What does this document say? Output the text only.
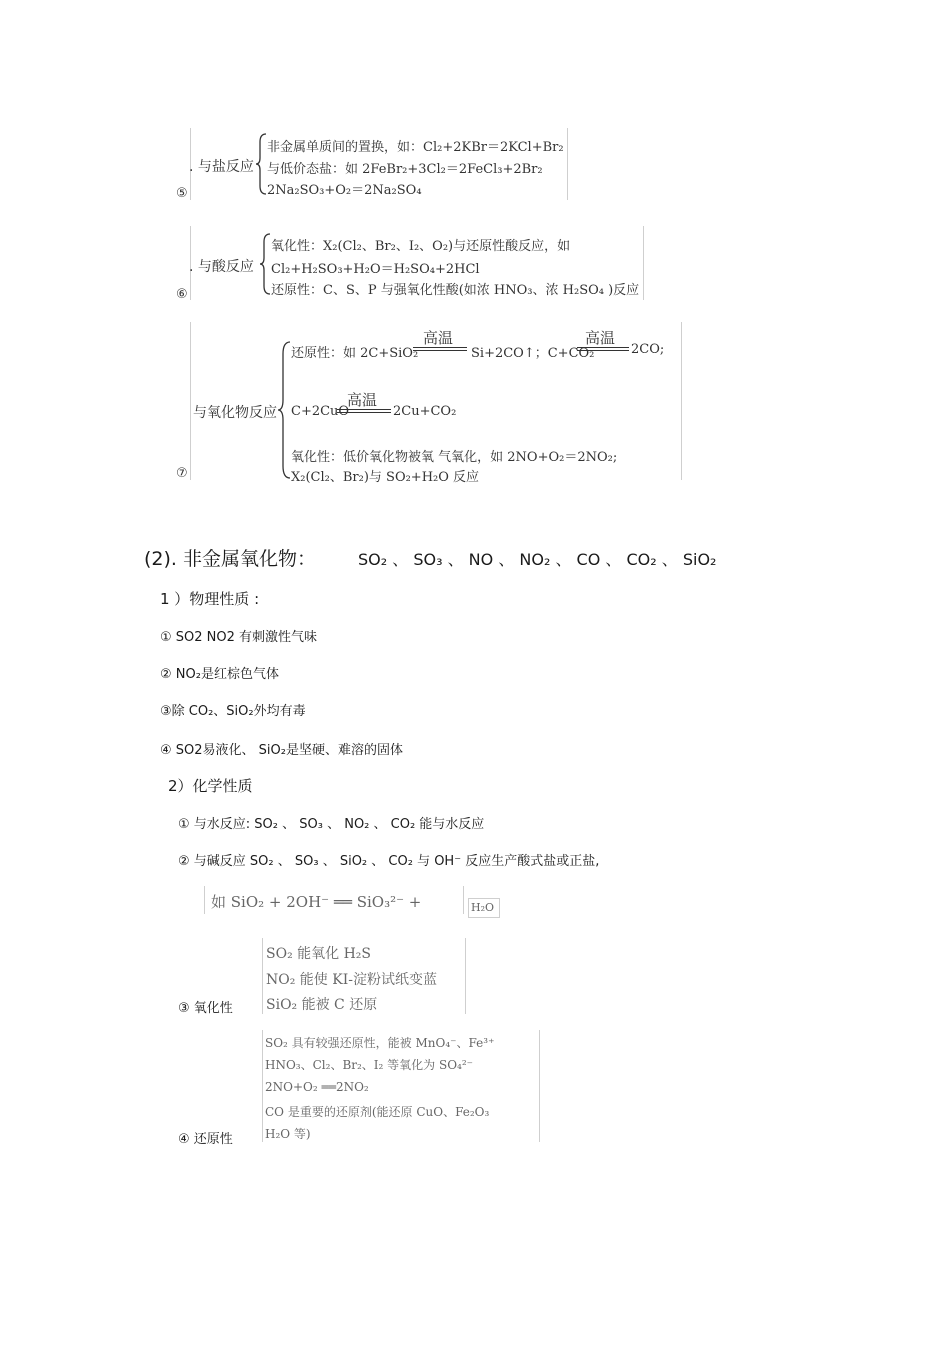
. 与盐反应
非金属单质间的置换，如：Cl₂+2KBr＝2KCl+Br₂
与低价态盐：如 2FeBr₂+3Cl₂＝2FeCl₃+2Br₂
2Na₂SO₃+O₂＝2Na₂SO₄
⑤
. 与酸反应
氧化性：X₂(Cl₂、Br₂、I₂、O₂)与还原性酸反应，如
Cl₂+H₂SO₃+H₂O＝H₂SO₄+2HCl
还原性：C、S、P 与强氧化性酸(如浓 HNO₃、浓 H₂SO₄ )反应
⑥
与氧化物反应
还原性：如 2C+SiO₂
高温
Si+2CO↑；C+CO₂
高温
2CO;
C+2CuO
高温
2Cu+CO₂
氧化性：低价氧化物被氧 气氧化，如 2NO+O₂＝2NO₂;
X₂(Cl₂、Br₂)与 SO₂+H₂O 反应
⑦
(2). 非金属氧化物：	SO₂ 、 SO₃ 、 NO 、 NO₂ 、 CO 、 CO₂ 、 SiO₂
1 ）物理性质 :
① SO2 NO2 有刺激性气味
② NO₂是红棕色气体
③除 CO₂、SiO₂外均有毒
④ SO2易液化、 SiO₂是坚硬、难溶的固体
2）化学性质
① 与水反应: SO₂ 、 SO₃ 、 NO₂ 、 CO₂ 能与水反应
② 与碱反应 SO₂ 、 SO₃ 、 SiO₂ 、 CO₂ 与 OH⁻ 反应生产酸式盐或正盐,
如 SiO₂ + 2OH⁻ ══ SiO₃²⁻ +	H₂O
③ 氧化性
SO₂ 能氧化 H₂S
NO₂ 能使 KI-淀粉试纸变蓝
SiO₂ 能被 C 还原
④ 还原性
SO₂ 具有较强还原性，能被 MnO₄⁻、Fe³⁺
HNO₃、Cl₂、Br₂、I₂ 等氧化为 SO₄²⁻
2NO+O₂ ══2NO₂
CO 是重要的还原剂(能还原 CuO、Fe₂O₃
H₂O 等)
